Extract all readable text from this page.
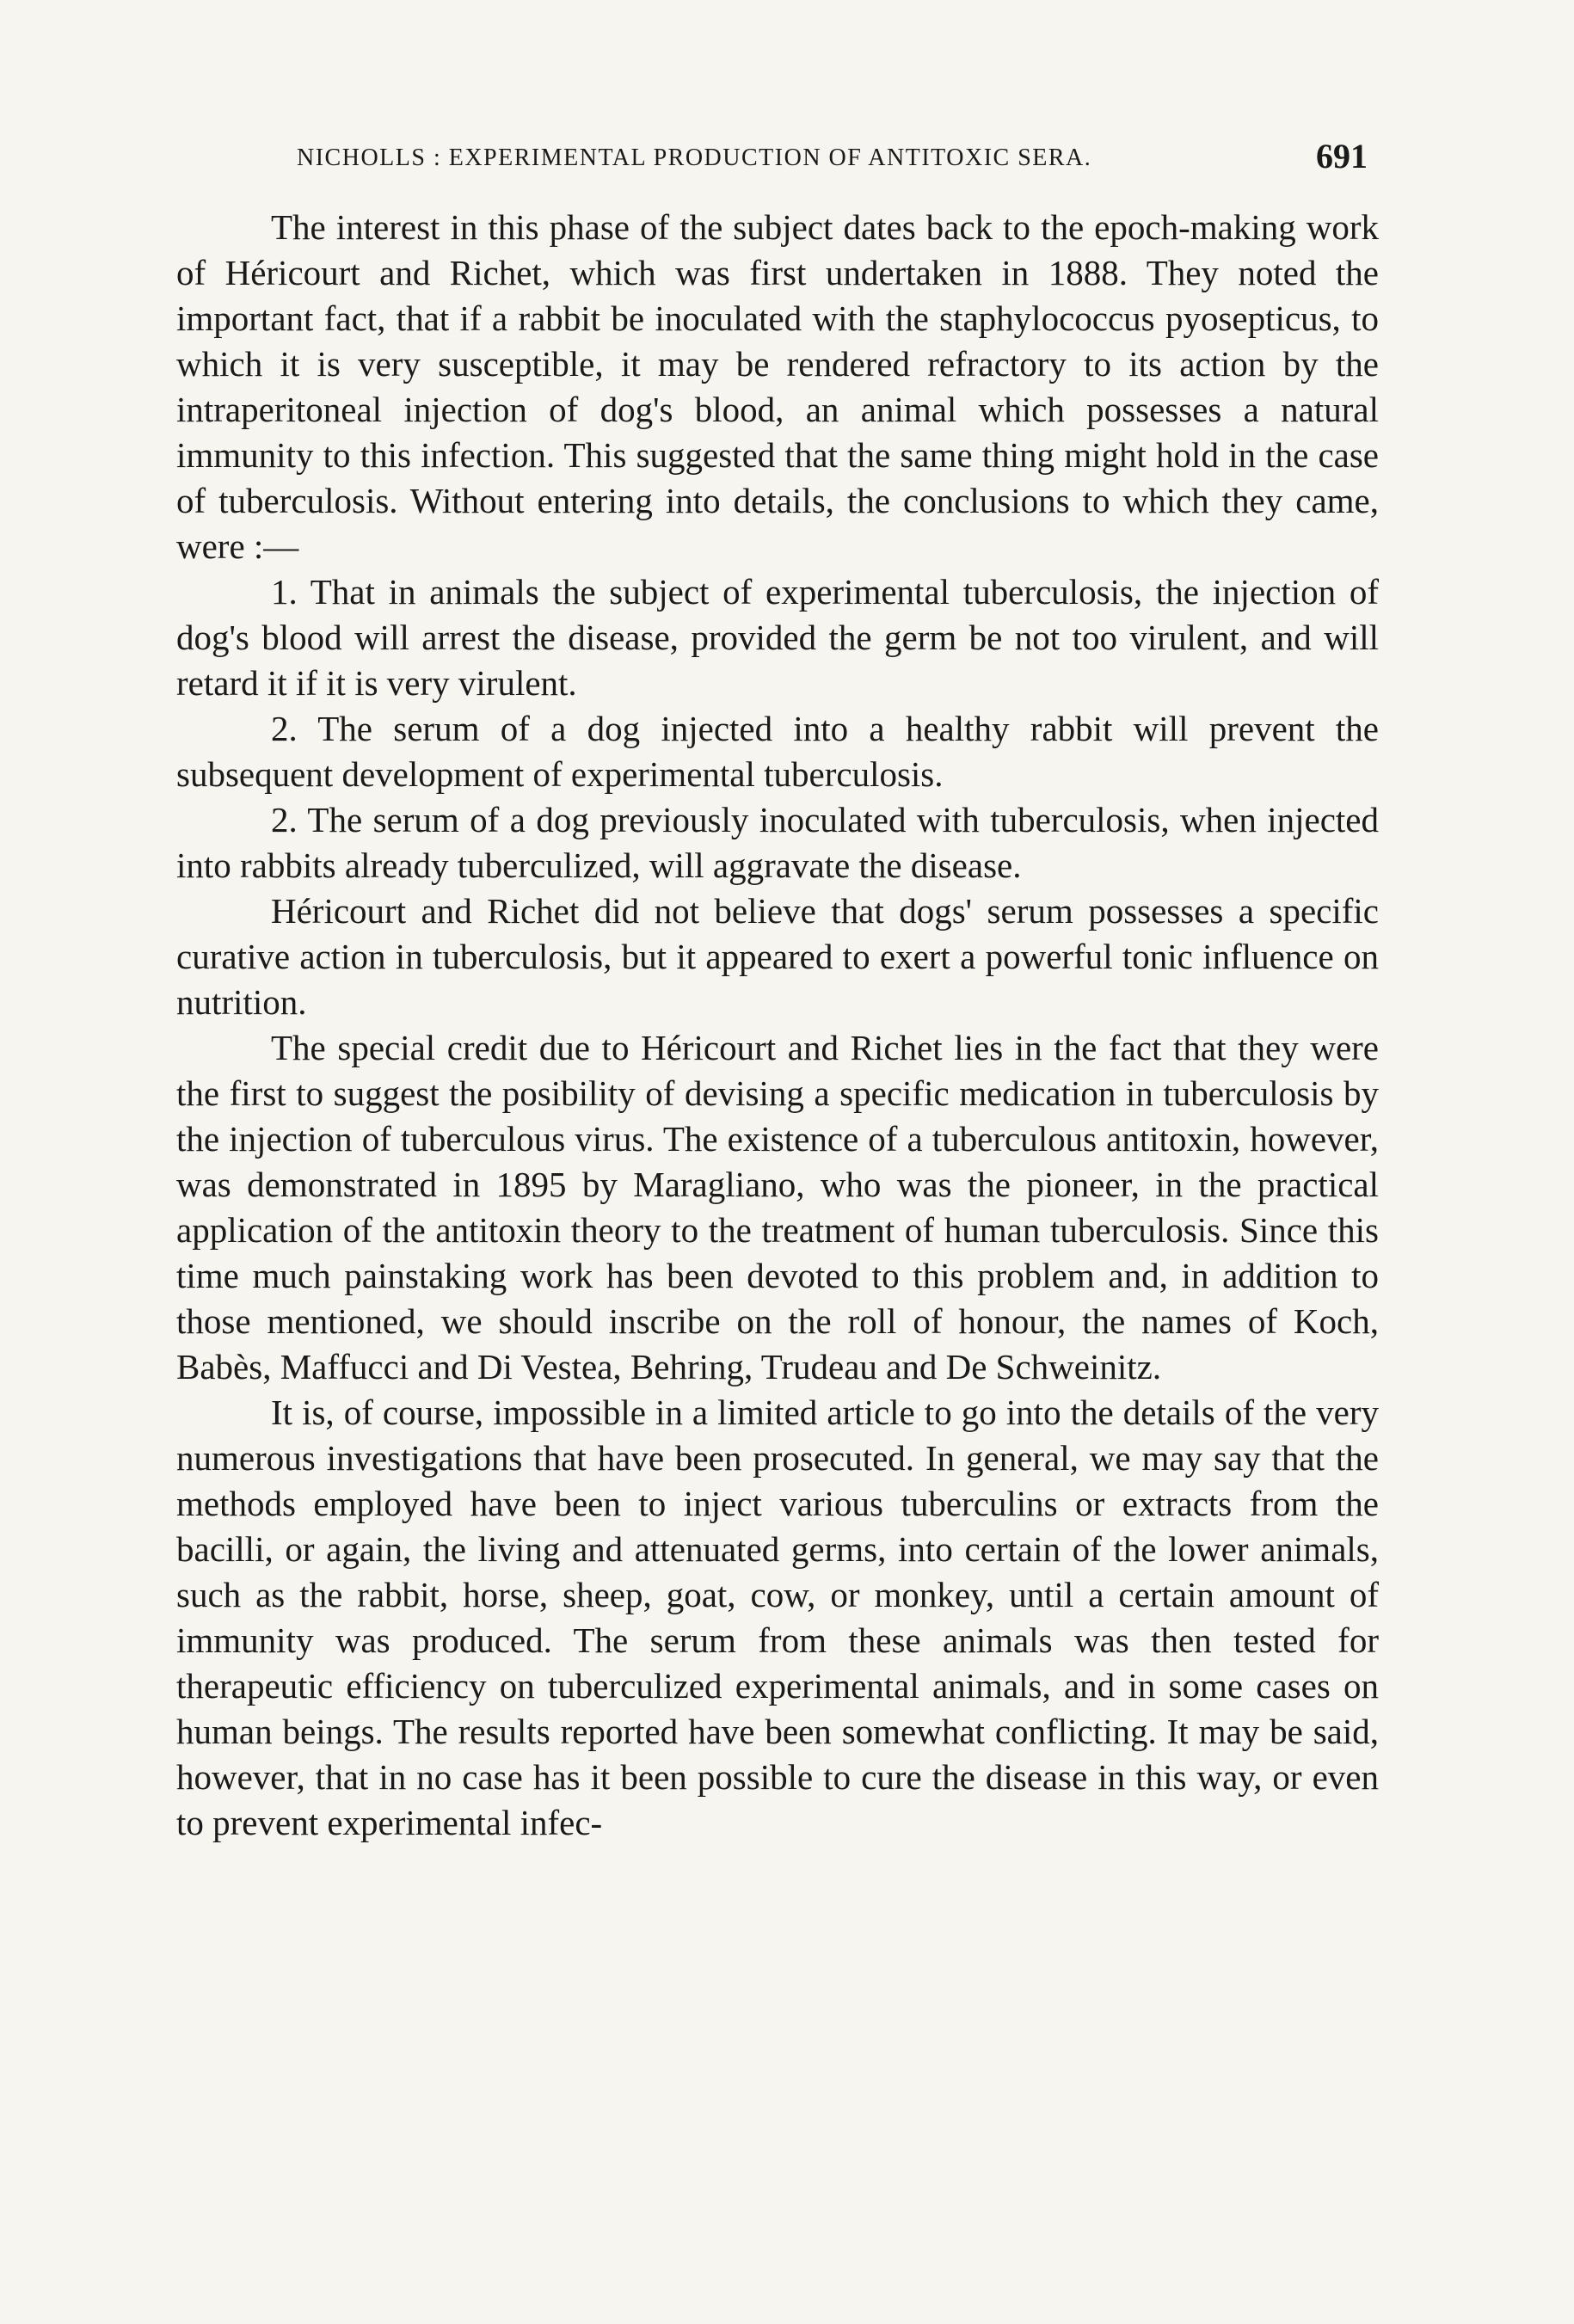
NICHOLLS : EXPERIMENTAL PRODUCTION OF ANTITOXIC SERA.	691

The interest in this phase of the subject dates back to the epoch-making work of Héricourt and Richet, which was first undertaken in 1888. They noted the important fact, that if a rabbit be inoculated with the staphylococcus pyosepticus, to which it is very susceptible, it may be rendered refractory to its action by the intraperitoneal injection of dog's blood, an animal which possesses a natural immunity to this infection. This suggested that the same thing might hold in the case of tuberculosis. Without entering into details, the conclusions to which they came, were :—

1. That in animals the subject of experimental tuberculosis, the injection of dog's blood will arrest the disease, provided the germ be not too virulent, and will retard it if it is very virulent.

2. The serum of a dog injected into a healthy rabbit will prevent the subsequent development of experimental tuberculosis.

2. The serum of a dog previously inoculated with tuberculosis, when injected into rabbits already tuberculized, will aggravate the disease.

Héricourt and Richet did not believe that dogs' serum possesses a specific curative action in tuberculosis, but it appeared to exert a powerful tonic influence on nutrition.

The special credit due to Héricourt and Richet lies in the fact that they were the first to suggest the posibility of devising a specific medication in tuberculosis by the injection of tuberculous virus. The existence of a tuberculous antitoxin, however, was demonstrated in 1895 by Maragliano, who was the pioneer, in the practical application of the antitoxin theory to the treatment of human tuberculosis. Since this time much painstaking work has been devoted to this problem and, in addition to those mentioned, we should inscribe on the roll of honour, the names of Koch, Babès, Maffucci and Di Vestea, Behring, Trudeau and De Schweinitz.

It is, of course, impossible in a limited article to go into the details of the very numerous investigations that have been prosecuted. In general, we may say that the methods employed have been to inject various tuberculins or extracts from the bacilli, or again, the living and attenuated germs, into certain of the lower animals, such as the rabbit, horse, sheep, goat, cow, or monkey, until a certain amount of immunity was produced. The serum from these animals was then tested for therapeutic efficiency on tuberculized experimental animals, and in some cases on human beings. The results reported have been somewhat conflicting. It may be said, however, that in no case has it been possible to cure the disease in this way, or even to prevent experimental infec-
